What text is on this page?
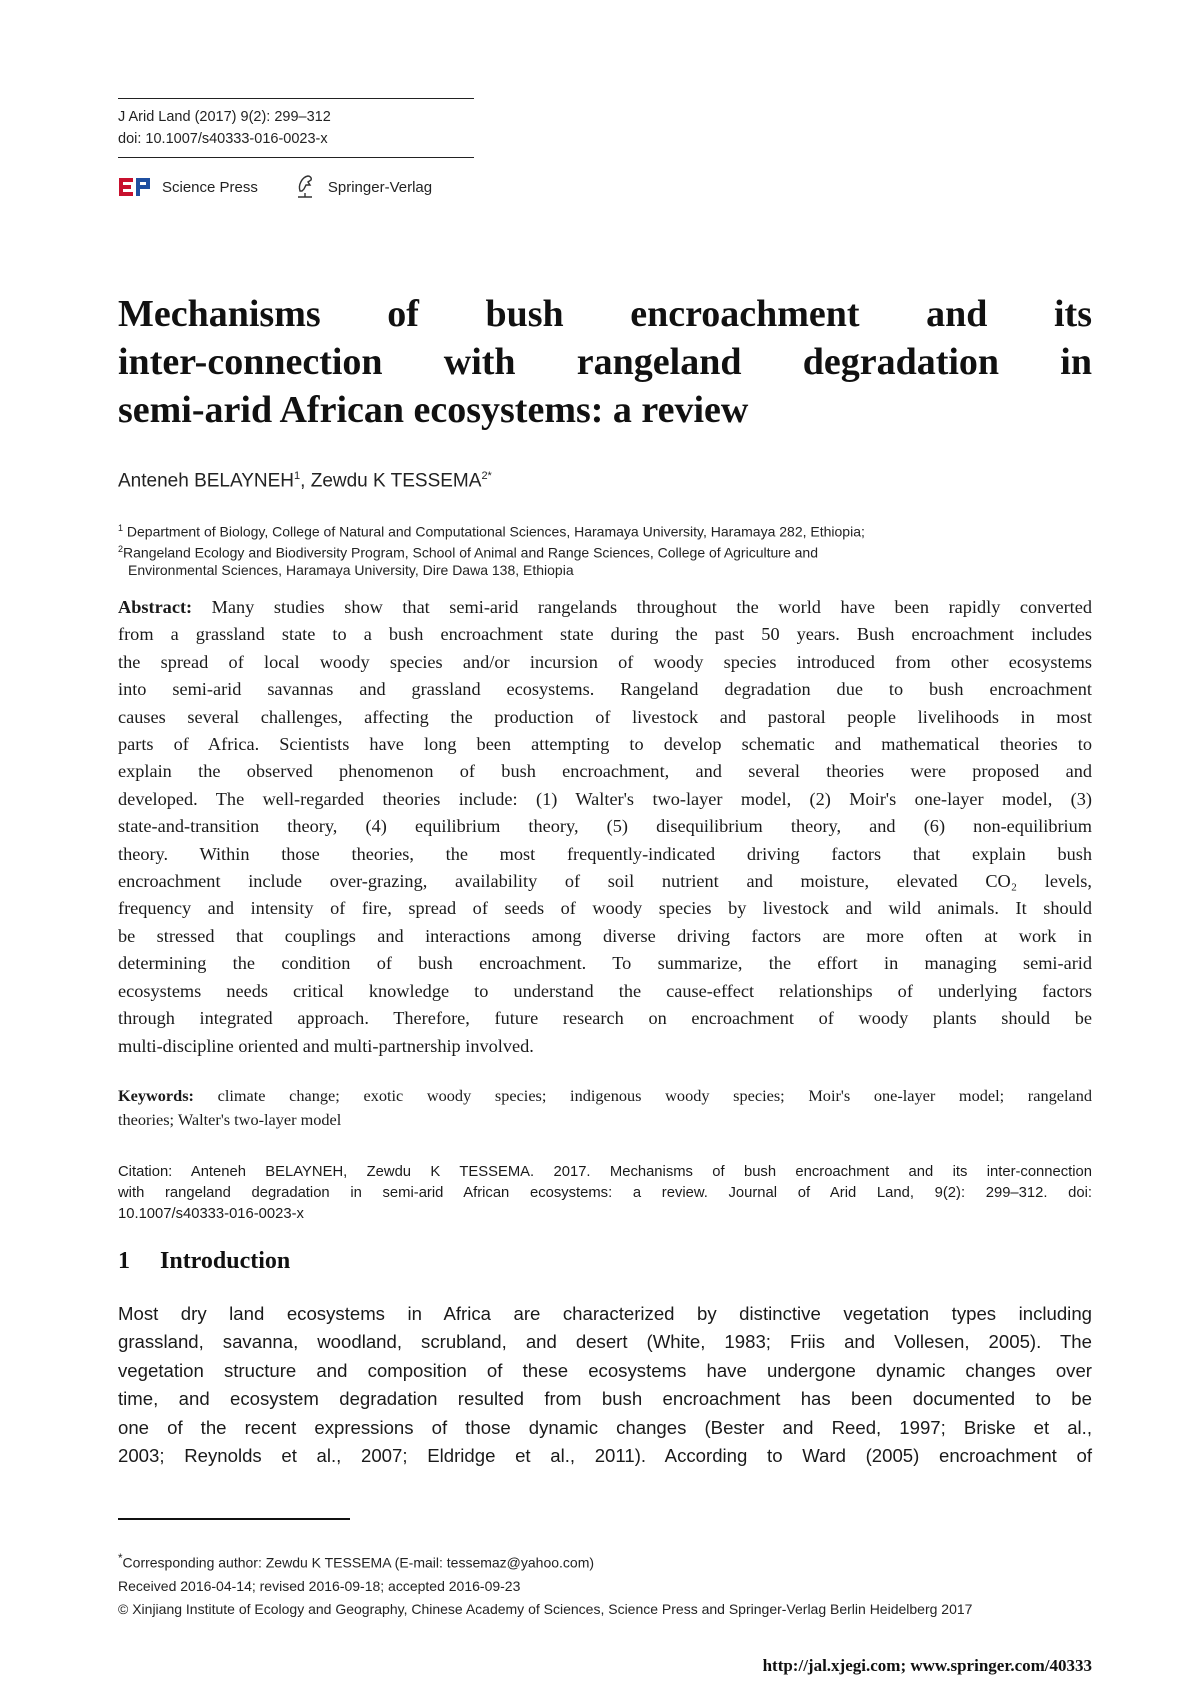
J Arid Land (2017) 9(2): 299–312
doi: 10.1007/s40333-016-0023-x
Science Press	Springer-Verlag
Mechanisms of bush encroachment and its
inter-connection with rangeland degradation in
semi-arid African ecosystems: a review
Anteneh BELAYNEH$^1$, Zewdu K $TESSEMA^{2*}$
$^1$ Department of Biology, College of Natural and Computational Sciences, Haramaya University, Haramaya 282, Ethiopia;
$^2$Rangeland Ecology and Biodiversity Program, School of Animal and Range Sciences, College of Agriculture and
Environmental Sciences, Haramaya University, Dire Dawa 138, Ethiopia
Abstract: Many studies show that semi-arid rangelands throughout the world have been rapidly converted
from a grassland state to a bush encroachment state during the past 50 years. Bush encroachment includes
the spread of local woody species and/or incursion of woody species introduced from other ecosystems
into semi-arid savannas and grassland ecosystems. Rangeland degradation due to bush encroachment
causes several challenges, affecting the production of livestock and pastoral people livelihoods in most
parts of Africa. Scientists have long been attempting to develop schematic and mathematical theories to
explain the observed phenomenon of bush encroachment, and several theories were proposed and
developed. The well-regarded theories include: (1) Walter's two-layer model, (2) Moir's one-layer model, (3)
state-and-transition theory, (4) equilibrium theory, (5) disequilibrium theory, and (6) non-equilibrium
theory. Within those theories, the most frequently-indicated driving factors that explain bush
encroachment include over-grazing, availability of soil nutrient and moisture, elevated CO₂ levels,
frequency and intensity of fire, spread of seeds of woody species by livestock and wild animals. It should
be stressed that couplings and interactions among diverse driving factors are more often at work in
determining the condition of bush encroachment. To summarize, the effort in managing semi-arid
ecosystems needs critical knowledge to understand the cause-effect relationships of underlying factors
through integrated approach. Therefore, future research on encroachment of woody plants should be
multi-discipline oriented and multi-partnership involved.
Keywords: climate change; exotic woody species; indigenous woody species; Moir's one-layer model; rangeland
theories; Walter's two-layer model
Citation: Anteneh BELAYNEH, Zewdu K TESSEMA. 2017. Mechanisms of bush encroachment and its inter-connection
with rangeland degradation in semi-arid African ecosystems: a review. Journal of Arid Land, 9(2): 299–312. doi:
10.1007/s40333-016-0023-x
1 Introduction
Most dry land ecosystems in Africa are characterized by distinctive vegetation types including
grassland, savanna, woodland, scrubland, and desert (White, 1983; Friis and Vollesen, 2005). The
vegetation structure and composition of these ecosystems have undergone dynamic changes over
time, and ecosystem degradation resulted from bush encroachment has been documented to be
one of the recent expressions of those dynamic changes (Bester and Reed, 1997; Briske et al.,
2003; Reynolds et al., 2007; Eldridge et al., 2011). According to Ward (2005) encroachment of
*Corresponding author: Zewdu K TESSEMA (E-mail: tessemaz@yahoo.com)
Received 2016-04-14; revised 2016-09-18; accepted 2016-09-23
© Xinjiang Institute of Ecology and Geography, Chinese Academy of Sciences, Science Press and Springer-Verlag Berlin Heidelberg 2017
http://jal.xjegi.com; www.springer.com/40333
